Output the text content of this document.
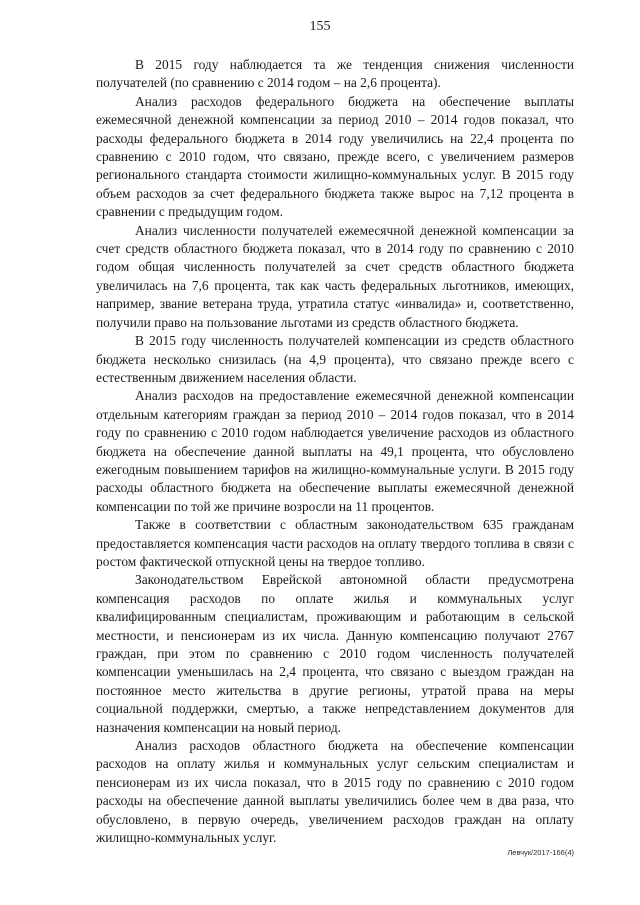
155

В 2015 году наблюдается та же тенденция снижения численности получателей (по сравнению с 2014 годом – на 2,6 процента).

Анализ расходов федерального бюджета на обеспечение выплаты ежемесячной денежной компенсации за период 2010 – 2014 годов показал, что расходы федерального бюджета в 2014 году увеличились на 22,4 процента по сравнению с 2010 годом, что связано, прежде всего, с увеличением размеров регионального стандарта стоимости жилищно-коммунальных услуг. В 2015 году объем расходов за счет федерального бюджета также вырос на 7,12 процента в сравнении с предыдущим годом.

Анализ численности получателей ежемесячной денежной компенсации за счет средств областного бюджета показал, что в 2014 году по сравнению с 2010 годом общая численность получателей за счет средств областного бюджета увеличилась на 7,6 процента, так как часть федеральных льготников, имеющих, например, звание ветерана труда, утратила статус «инвалида» и, соответственно, получили право на пользование льготами из средств областного бюджета.

В 2015 году численность получателей компенсации из средств областного бюджета несколько снизилась (на 4,9 процента), что связано прежде всего с естественным движением населения области.

Анализ расходов на предоставление ежемесячной денежной компенсации отдельным категориям граждан за период 2010 – 2014 годов показал, что в 2014 году по сравнению с 2010 годом наблюдается увеличение расходов из областного бюджета на обеспечение данной выплаты на 49,1 процента, что обусловлено ежегодным повышением тарифов на жилищно-коммунальные услуги. В 2015 году расходы областного бюджета на обеспечение выплаты ежемесячной денежной компенсации по той же причине возросли на 11 процентов.

Также в соответствии с областным законодательством 635 гражданам предоставляется компенсация части расходов на оплату твердого топлива в связи с ростом фактической отпускной цены на твердое топливо.

Законодательством Еврейской автономной области предусмотрена компенсация расходов по оплате жилья и коммунальных услуг квалифицированным специалистам, проживающим и работающим в сельской местности, и пенсионерам из их числа. Данную компенсацию получают 2767 граждан, при этом по сравнению с 2010 годом численность получателей компенсации уменьшилась на 2,4 процента, что связано с выездом граждан на постоянное место жительства в другие регионы, утратой права на меры социальной поддержки, смертью, а также непредставлением документов для назначения компенсации на новый период.

Анализ расходов областного бюджета на обеспечение компенсации расходов на оплату жилья и коммунальных услуг сельским специалистам и пенсионерам из их числа показал, что в 2015 году по сравнению с 2010 годом расходы на обеспечение данной выплаты увеличились более чем в два раза, что обусловлено, в первую очередь, увеличением расходов граждан на оплату жилищно-коммунальных услуг.

Левчук/2017-166(4)
